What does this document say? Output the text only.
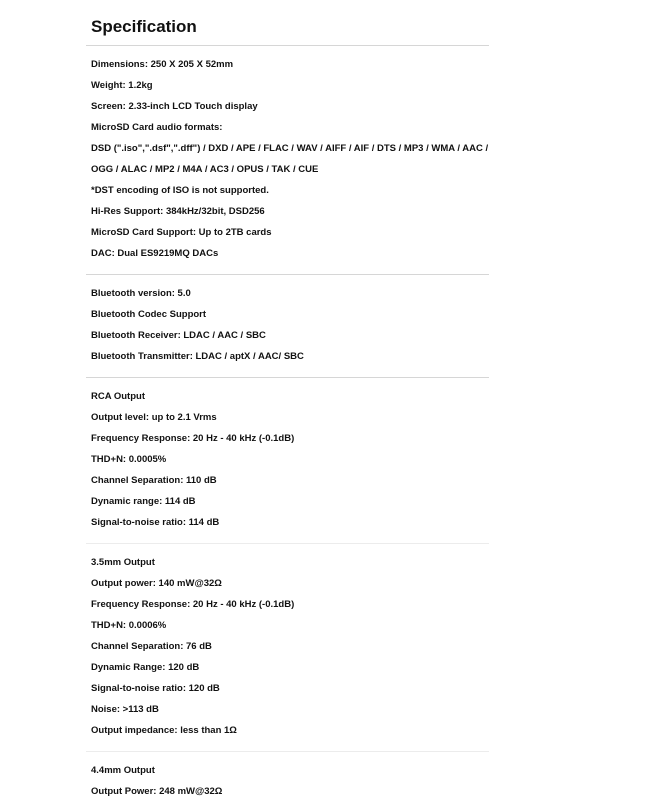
Specification
Dimensions: 250 X 205 X 52mm
Weight: 1.2kg
Screen: 2.33-inch LCD Touch display
MicroSD Card audio formats:
DSD (".iso",".dsf",".dff") / DXD / APE / FLAC / WAV / AIFF / AIF / DTS / MP3 / WMA / AAC /
OGG / ALAC / MP2 / M4A / AC3 / OPUS / TAK / CUE
*DST encoding of ISO is not supported.
Hi-Res Support: 384kHz/32bit, DSD256
MicroSD Card Support: Up to 2TB cards
DAC: Dual ES9219MQ DACs
Bluetooth version: 5.0
Bluetooth Codec Support
Bluetooth Receiver: LDAC / AAC / SBC
Bluetooth Transmitter: LDAC / aptX / AAC/ SBC
RCA Output
Output level: up to 2.1 Vrms
Frequency Response: 20 Hz - 40 kHz (-0.1dB)
THD+N: 0.0005%
Channel Separation: 110 dB
Dynamic range: 114 dB
Signal-to-noise ratio: 114 dB
3.5mm Output
Output power: 140 mW@32Ω
Frequency Response: 20 Hz - 40 kHz (-0.1dB)
THD+N: 0.0006%
Channel Separation: 76 dB
Dynamic Range: 120 dB
Signal-to-noise ratio: 120 dB
Noise: >113 dB
Output impedance: less than 1Ω
4.4mm Output
Output Power: 248 mW@32Ω
